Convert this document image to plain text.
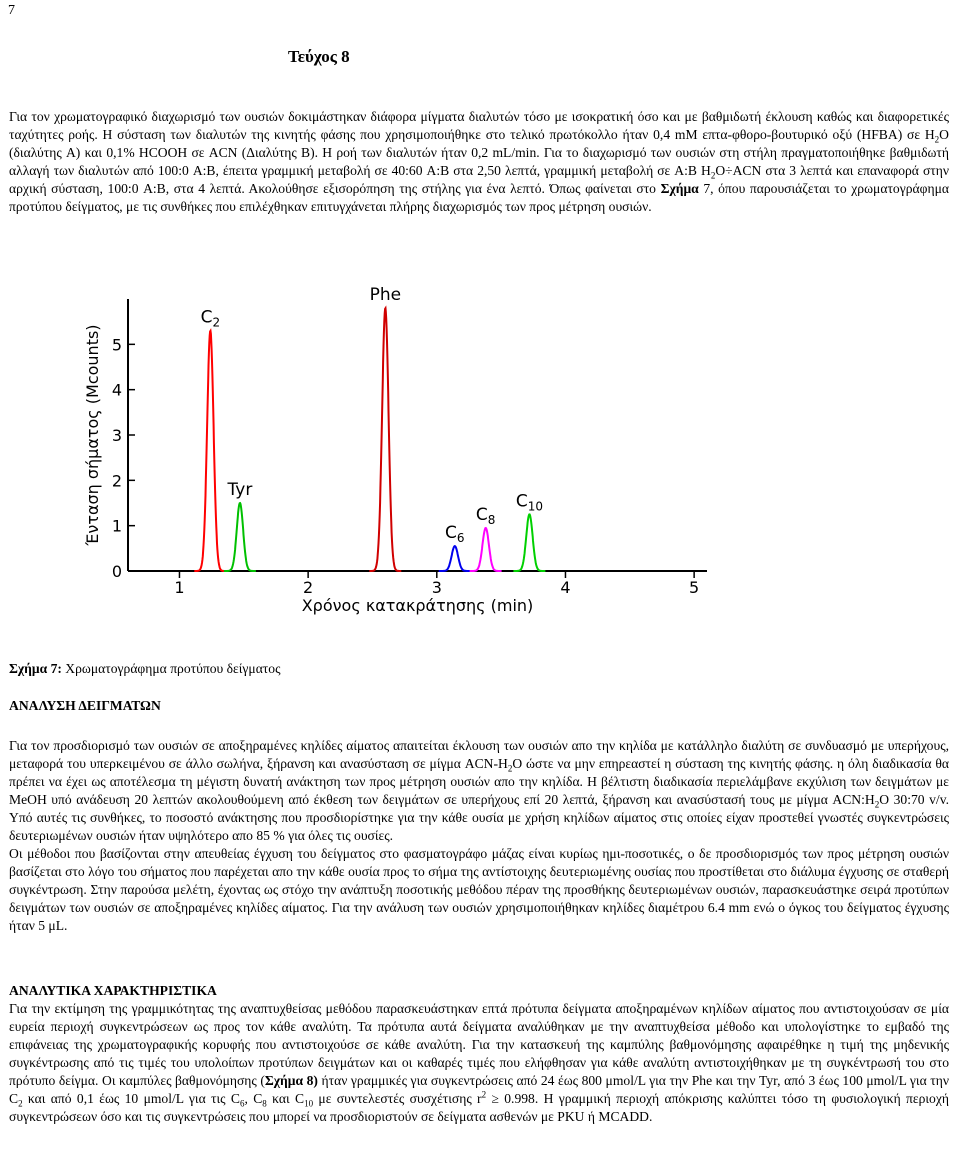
7
Τεύχος 8

Για τον χρωματογραφικό διαχωρισμό των ουσιών δοκιμάστηκαν διάφορα μίγματα διαλυτών τόσο με ισοκρατική όσο και με βαθμιδωτή έκλουση καθώς και διαφορετικές ταχύτητες ροής. Η σύσταση των διαλυτών της κινητής φάσης που χρησιμοποιήθηκε στο τελικό πρωτόκολλο ήταν 0,4 mM επτα-φθορο-βουτυρικό οξύ (HFBA) σε $H_2O$ (διαλύτης A) και 0,1% HCOOH σε ACN (Διαλύτης B). Η ροή των διαλυτών ήταν 0,2 mL/min. Για το διαχωρισμό των ουσιών στη στήλη πραγματοποιήθηκε βαθμιδωτή αλλαγή των διαλυτών από 100:0 A:B, έπειτα γραμμική μεταβολή σε 40:60 A:B στα 2,50 λεπτά, γραμμική μεταβολή σε A:B $H_2O\div ACN$ στα 3 λεπτά και επαναφορά στην αρχική σύσταση, 100:0 A:B, στα 4 λεπτά. Ακολούθησε εξισορόπηση της στήλης για ένα λεπτό. Όπως φαίνεται στο Σχήμα 7, όπου παρουσιάζεται το χρωματογράφημα προτύπου δείγματος, με τις συνθήκες που επιλέχθηκαν επιτυγχάνεται πλήρης διαχωρισμός των προς μέτρηση ουσιών.

0
1
2
3
4
5
1	2	3	4	5
Χρόνος κατακράτησης (min)
Ένταση σήματος (Mcounts)
$C_2$
Tyr
Phe
$C_6$
$C_8$
$C_{10}$
Σχήμα 7: Χρωματογράφημα προτύπου δείγματος
ΑΝΑΛΥΣΗ ΔΕΙΓΜΑΤΩΝ

Για τον προσδιορισμό των ουσιών σε αποξηραμένες κηλίδες αίματος απαιτείται έκλουση των ουσιών απο την κηλίδα με κατάλληλο διαλύτη σε συνδυασμό με υπερήχους, μεταφορά του υπερκειμένου σε άλλο σωλήνα, ξήρανση και ανασύσταση σε μίγμα ACN-$H_2O$ ώστε να μην επηρεαστεί η σύσταση της κινητής φάσης. η όλη διαδικασία θα πρέπει να έχει ως αποτέλεσμα τη μέγιστη δυνατή ανάκτηση των προς μέτρηση ουσιών απο την κηλίδα. Η βέλτιστη διαδικασία περιελάμβανε εκχύλιση των δειγμάτων με MeOH υπό ανάδευση 20 λεπτών ακολουθούμενη από έκθεση των δειγμάτων σε υπερήχους επί 20 λεπτά, ξήρανση και ανασύστασή τους με μίγμα $ACN:H_2O$ 30:70 v/v. Υπό αυτές τις συνθήκες, το ποσοστό ανάκτησης που προσδιορίστηκε για την κάθε ουσία με χρήση κηλίδων αίματος στις οποίες είχαν προστεθεί γνωστές συγκεντρώσεις δευτεριωμένων ουσιών ήταν υψηλότερο απο 85 % για όλες τις ουσίες.
Οι μέθοδοι που βασίζονται στην απευθείας έγχυση του δείγματος στο φασματογράφο μάζας είναι κυρίως ημι-ποσοτικές, ο δε προσδιορισμός των προς μέτρηση ουσιών βασίζεται στο λόγο του σήματος που παρέχεται απο την κάθε ουσία προς το σήμα της αντίστοιχης δευτεριωμένης ουσίας που προστίθεται στο διάλυμα έγχυσης σε σταθερή συγκέντρωση. Στην παρούσα μελέτη, έχοντας ως στόχο την ανάπτυξη ποσοτικής μεθόδου πέραν της προσθήκης δευτεριωμένων ουσιών, παρασκευάστηκε σειρά προτύπων δειγμάτων των ουσιών σε αποξηραμένες κηλίδες αίματος. Για την ανάλυση των ουσιών χρησιμοποιήθηκαν κηλίδες διαμέτρου 6.4 mm ενώ ο όγκος του δείγματος έγχυσης ήταν 5 μL.

ΑΝΑΛΥΤΙΚΑ ΧΑΡΑΚΤΗΡΙΣΤΙΚΑ

Για την εκτίμηση της γραμμικότητας της αναπτυχθείσας μεθόδου παρασκευάστηκαν επτά πρότυπα δείγματα αποξηραμένων κηλίδων αίματος που αντιστοιχούσαν σε μία ευρεία περιοχή συγκεντρώσεων ως προς τον κάθε αναλύτη. Τα πρότυπα αυτά δείγματα αναλύθηκαν με την αναπτυχθείσα μέθοδο και υπολογίστηκε το εμβαδό της επιφάνειας της χρωματογραφικής κορυφής που αντιστοιχούσε σε κάθε αναλύτη. Για την κατασκευή της καμπύλης βαθμονόμησης αφαιρέθηκε η τιμή της μηδενικής συγκέντρωσης από τις τιμές του υπολοίπων προτύπων δειγμάτων και οι καθαρές τιμές που ελήφθησαν για κάθε αναλύτη αντιστοιχήθηκαν με τη συγκέντρωσή του στο πρότυπο δείγμα. Οι καμπύλες βαθμονόμησης (Σχήμα 8) ήταν γραμμικές για συγκεντρώσεις από 24 έως 800 μmol/L για την Phe και την Tyr, από 3 έως 100 μmol/L για την $C_2$ και από 0,1 έως 10 μmol/L για τις $C_6$, $C_8$ και $C_{10}$ με συντελεστές συσχέτισης $r^2 \ge 0.998$. Η γραμμική περιοχή απόκρισης καλύπτει τόσο τη φυσιολογική περιοχή συγκεντρώσεων όσο και τις συγκεντρώσεις που μπορεί να προσδιοριστούν σε δείγματα ασθενών με PKU ή MCADD.
